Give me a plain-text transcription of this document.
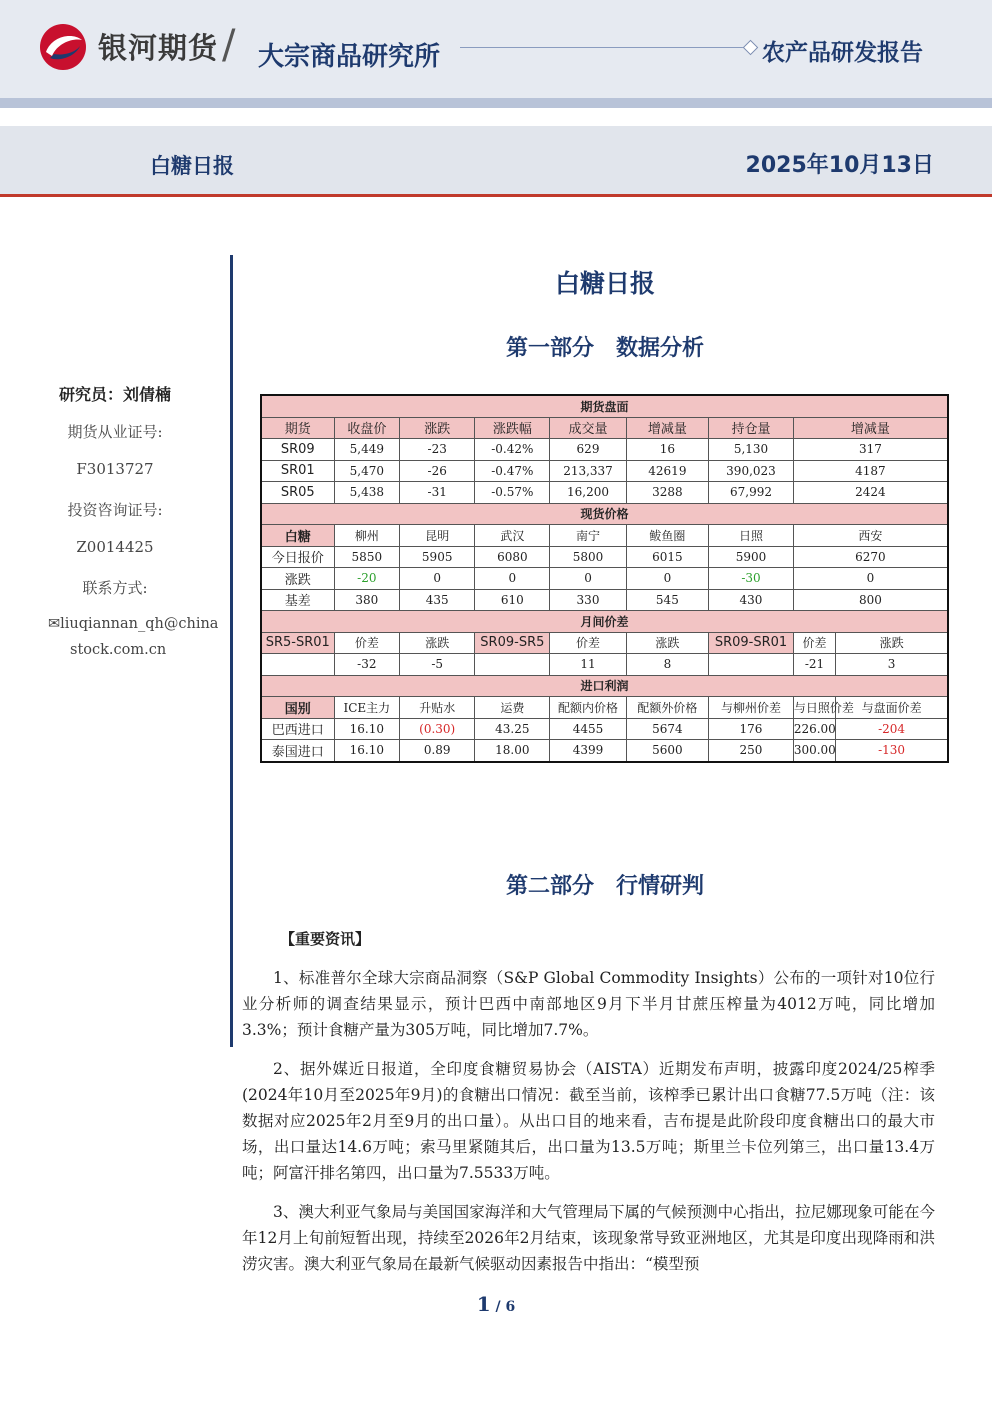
银河期货 / 大宗商品研究所	农产品研发报告
白糖日报	2025年10月13日
研究员：刘倩楠
期货从业证号:
F3013727
投资咨询证号:
Z0014425
联系方式:
✉liuqiannan_qh@china
stock.com.cn
白糖日报
第一部分　数据分析
期货盘面								
期货	收盘价	涨跌	涨跌幅	成交量	增减量	持仓量	增减量	
SR09	5,449	-23	-0.42%	629	16	5,130	317	
SR01	5,470	-26	-0.47%	213,337	42619	390,023	4187	
SR05	5,438	-31	-0.57%	16,200	3288	67,992	2424	
现货价格								
白糖	柳州	昆明	武汉	南宁	鲅鱼圈	日照	西安	
今日报价	5850	5905	6080	5800	6015	5900	6270	
涨跌	-20	0	0	0	0	-30	0	
基差	380	435	610	330	545	430	800	
月间价差								
SR5-SR01	价差	涨跌	SR09-SR5	价差	涨跌	SR09-SR01	价差	涨跌
	-32	-5		11	8		-21	3
进口利润								
国别	ICE主力	升贴水	运费	配额内价格	配额外价格	与柳州价差	与日照价差	与盘面价差
巴西进口	16.10	(0.30)	43.25	4455	5674	176	226.00	-204
泰国进口	16.10	0.89	18.00	4399	5600	250	300.00	-130
第二部分　行情研判
【重要资讯】

1、标准普尔全球大宗商品洞察（S&P Global Commodity Insights）公布的一项针对10位行业分析师的调查结果显示，预计巴西中南部地区9月下半月甘蔗压榨量为4012万吨，同比增加3.3%；预计食糖产量为305万吨，同比增加7.7%。

2、据外媒近日报道，全印度食糖贸易协会（AISTA）近期发布声明，披露印度2024/25榨季(2024年10月至2025年9月)的食糖出口情况：截至当前，该榨季已累计出口食糖77.5万吨（注：该数据对应2025年2月至9月的出口量）。从出口目的地来看，吉布提是此阶段印度食糖出口的最大市场，出口量达14.6万吨；索马里紧随其后，出口量为13.5万吨；斯里兰卡位列第三，出口量13.4万吨；阿富汗排名第四，出口量为7.5533万吨。

3、澳大利亚气象局与美国国家海洋和大气管理局下属的气候预测中心指出，拉尼娜现象可能在今年12月上旬前短暂出现，持续至2026年2月结束，该现象常导致亚洲地区，尤其是印度出现降雨和洪涝灾害。澳大利亚气象局在最新气候驱动因素报告中指出：“模型预

1 / 6
